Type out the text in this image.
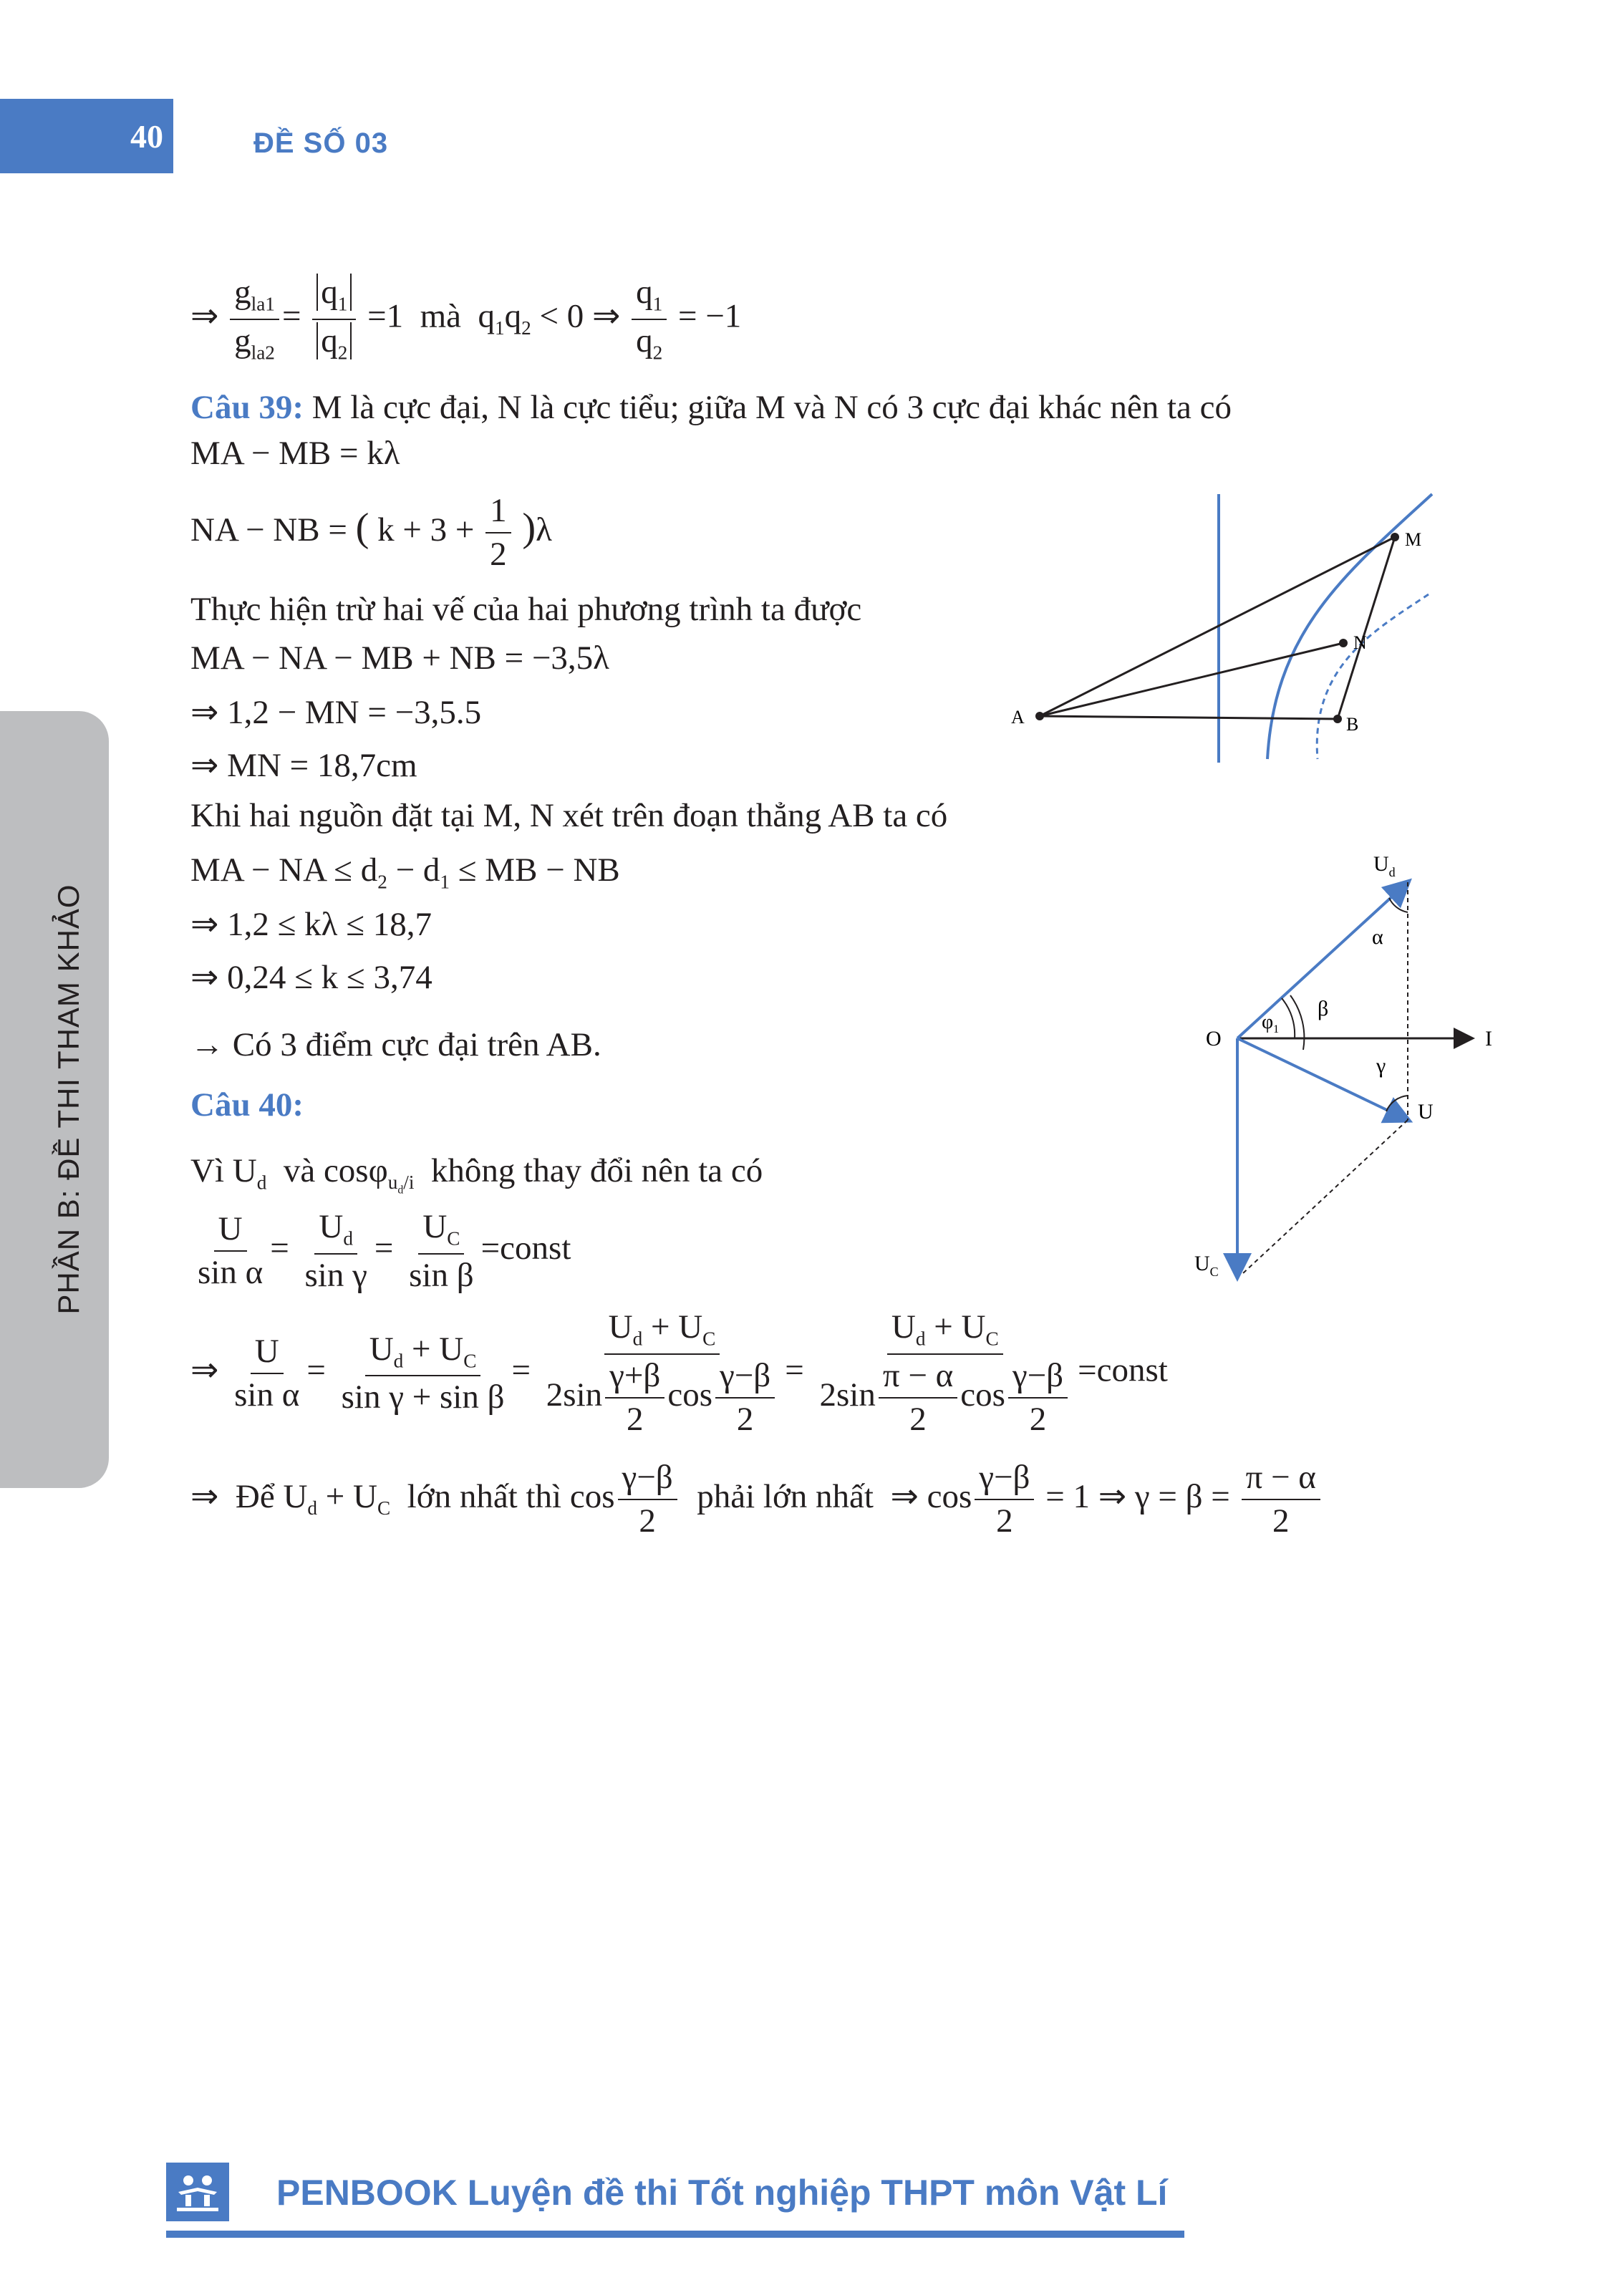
40	ĐỀ SỐ 03
PHẦN B: ĐỀ THI THAM KHẢO
⇒ $\frac{g_{la1}}{g_{la2}} = \frac{q_1}{q_2} =1$ mà $q_1q_2 < 0$ ⇒ $\frac{q_1}{q_2} = -1$
Câu 39: M là cực đại, N là cực tiểu; giữa M và N có 3 cực đại khác nên ta có
MA − MB = kλ
NA − NB = ( $k + 3 + \frac{1}{2} )\lambda$
Thực hiện trừ hai vế của hai phương trình ta được
MA − NA − MB + NB = −3,5λ
⇒ 1,2 − MN = −3,5.5
⇒ MN = 18,7cm
Khi hai nguồn đặt tại M, N xét trên đoạn thẳng AB ta có
MA − NA ≤ $d_2 - d_1$ ≤ MB − NB
⇒ 1,2 ≤ kλ ≤ 18,7
⇒ 0,24 ≤ k ≤ 3,74
→ Có 3 điểm cực đại trên AB.
A
M
N
B
$U_d$
α
O
$\varphi_1$
β
I
γ
U
$U_C$
Câu 40:
Vì $U_d$ và cosφ$_{u_d/i}$ không thay đổi nên ta có
$\frac{U}{\text{sin α}} = \frac{U_d}{\text{sin γ}} = \frac{U_C}{\text{sin β}}$ =const
⇒ $\frac{U}{\text{sin α}} = \frac{U_d + U_C}{\text{sin γ + sin β}} = \frac{U_d + U_C}{2\sin \frac{\gamma+\beta}{2} \cos \frac{\gamma-\beta}{2}} = \frac{U_d + U_C}{2\sin \frac{\pi - \alpha}{2} \cos \frac{\gamma-\beta}{2}}$ =const
⇒ Để $U_d + U_C$ lớn nhất thì $\cos \frac{\gamma-\beta}{2}$ phải lớn nhất ⇒ $\cos \frac{\gamma-\beta}{2} = 1$ ⇒ $\gamma = \beta = \frac{\pi - \alpha}{2}$
PENBOOK Luyện đề thi Tốt nghiệp THPT môn Vật Lí
